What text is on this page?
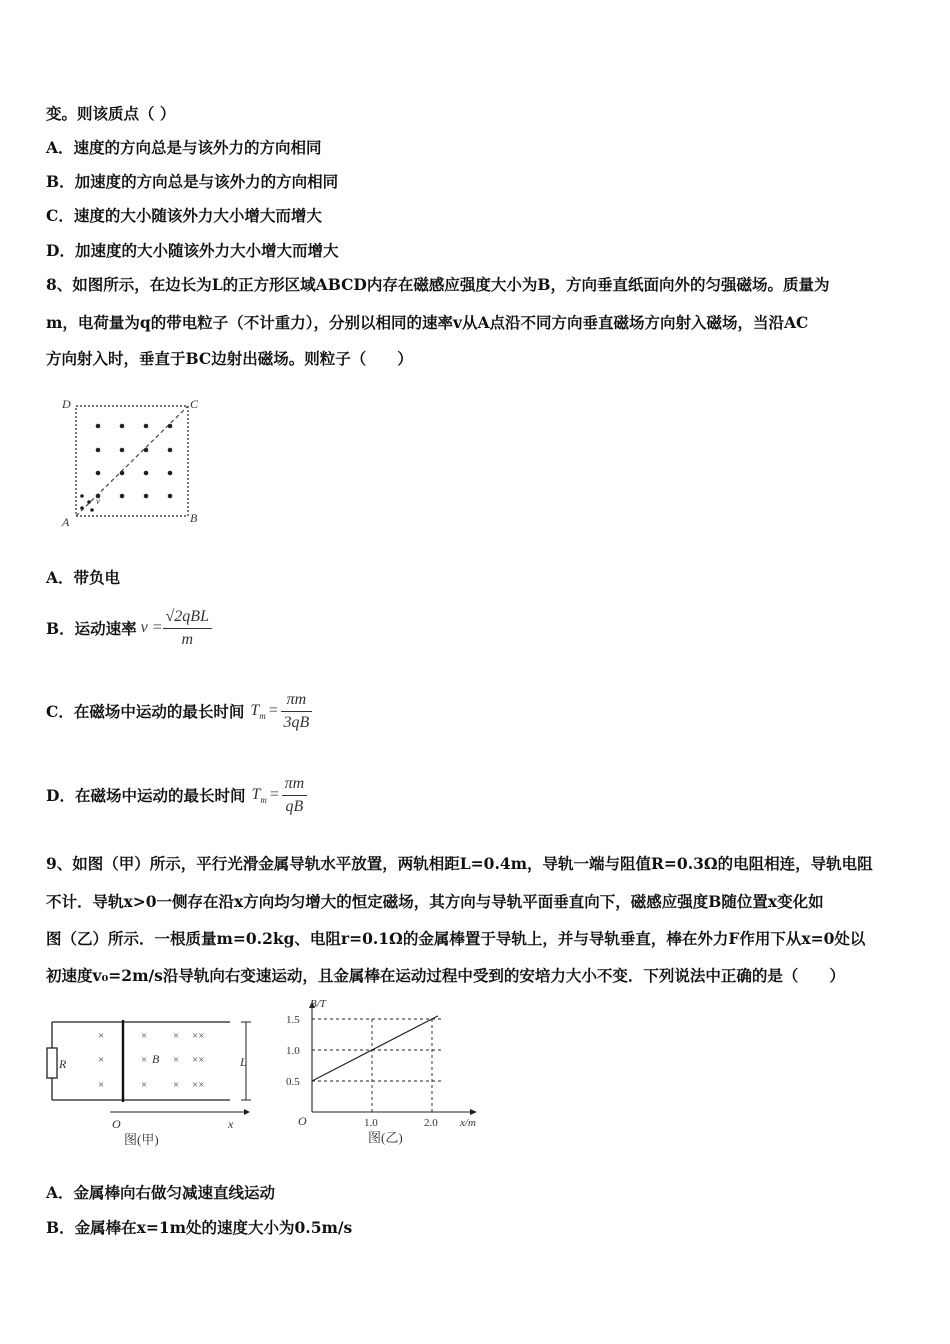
变。则该质点（ ）
A．速度的方向总是与该外力的方向相同
B．加速度的方向总是与该外力的方向相同
C．速度的大小随该外力大小增大而增大
D．加速度的大小随该外力大小增大而增大
8、如图所示，在边长为L的正方形区域ABCD内存在磁感应强度大小为B，方向垂直纸面向外的匀强磁场。质量为
m，电荷量为q的带电粒子（不计重力），分别以相同的速率v从A点沿不同方向垂直磁场方向射入磁场，当沿AC
方向射入时，垂直于BC边射出磁场。则粒子（　　）
D	C
A	B
v
A．带负电
B．运动速率 $v = \frac{\text{√2qBL}}{m}$
C．在磁场中运动的最长时间 $T_m = \frac{\pi m}{3qB}$
D．在磁场中运动的最长时间 $T_m = \frac{\pi m}{qB}$
9、如图（甲）所示，平行光滑金属导轨水平放置，两轨相距L=0.4m，导轨一端与阻值R=0.3Ω的电阻相连，导轨电阻
不计．导轨x>0一侧存在沿x方向均匀增大的恒定磁场，其方向与导轨平面垂直向下，磁感应强度B随位置x变化如
图（乙）所示．一根质量m=0.2kg、电阻r=0.1Ω的金属棒置于导轨上，并与导轨垂直，棒在外力F作用下从x=0处以
初速度v₀=2m/s沿导轨向右变速运动，且金属棒在运动过程中受到的安培力大小不变．下列说法中正确的是（　　）
R
×
×
×
×
×
×
×
×
×
××
××
××
B	L
O	x
图(甲)
0.5
1.0
1.5
1.0	2.0
B/T
x/m
O
图(乙)
A．金属棒向右做匀减速直线运动
B．金属棒在x=1m处的速度大小为0.5m/s
